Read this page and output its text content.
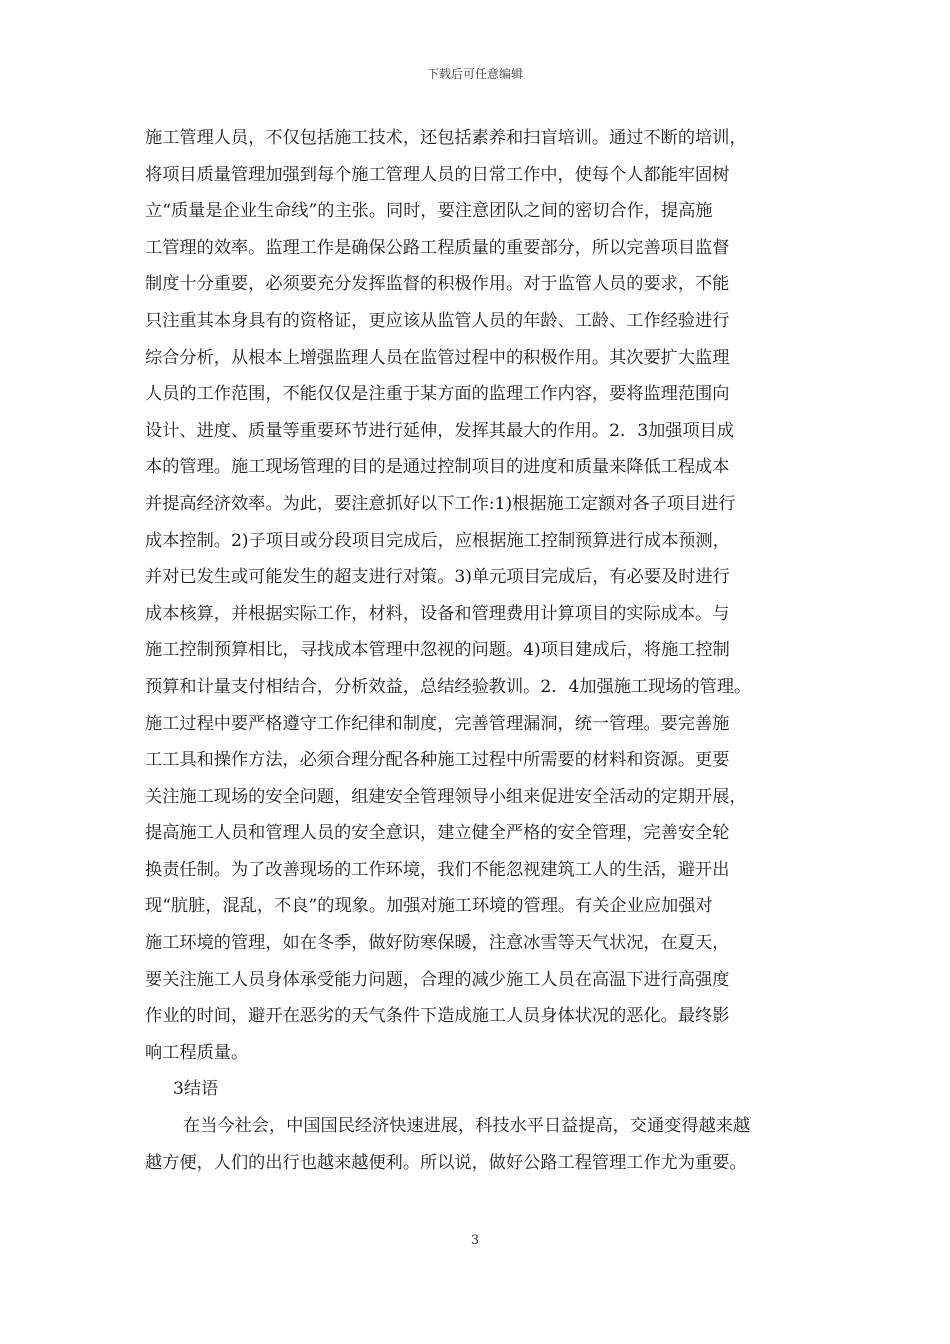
下载后可任意编辑
施工管理人员，不仅包括施工技术，还包括素养和扫盲培训。通过不断的培训，
将项目质量管理加强到每个施工管理人员的日常工作中，使每个人都能牢固树
立“质量是企业生命线”的主张。同时，要注意团队之间的密切合作，提高施
工管理的效率。监理工作是确保公路工程质量的重要部分，所以完善项目监督
制度十分重要，必须要充分发挥监督的积极作用。对于监管人员的要求，不能
只注重其本身具有的资格证，更应该从监管人员的年龄、工龄、工作经验进行
综合分析，从根本上增强监理人员在监管过程中的积极作用。其次要扩大监理
人员的工作范围，不能仅仅是注重于某方面的监理工作内容，要将监理范围向
设计、进度、质量等重要环节进行延伸，发挥其最大的作用。2．3加强项目成
本的管理。施工现场管理的目的是通过控制项目的进度和质量来降低工程成本
并提高经济效率。为此，要注意抓好以下工作:1)根据施工定额对各子项目进行
成本控制。2)子项目或分段项目完成后，应根据施工控制预算进行成本预测，
并对已发生或可能发生的超支进行对策。3)单元项目完成后，有必要及时进行
成本核算，并根据实际工作，材料，设备和管理费用计算项目的实际成本。与
施工控制预算相比，寻找成本管理中忽视的问题。4)项目建成后，将施工控制
预算和计量支付相结合，分析效益，总结经验教训。2．4加强施工现场的管理。
施工过程中要严格遵守工作纪律和制度，完善管理漏洞，统一管理。要完善施
工工具和操作方法，必须合理分配各种施工过程中所需要的材料和资源。更要
关注施工现场的安全问题，组建安全管理领导小组来促进安全活动的定期开展，
提高施工人员和管理人员的安全意识，建立健全严格的安全管理，完善安全轮
换责任制。为了改善现场的工作环境，我们不能忽视建筑工人的生活，避开出
现“肮脏，混乱，不良”的现象。加强对施工环境的管理。有关企业应加强对
施工环境的管理，如在冬季，做好防寒保暖，注意冰雪等天气状况，在夏天，
要关注施工人员身体承受能力问题，合理的减少施工人员在高温下进行高强度
作业的时间，避开在恶劣的天气条件下造成施工人员身体状况的恶化。最终影
响工程质量。
3结语
在当今社会，中国国民经济快速进展，科技水平日益提高，交通变得越来越
越方便，人们的出行也越来越便利。所以说，做好公路工程管理工作尤为重要。
3
